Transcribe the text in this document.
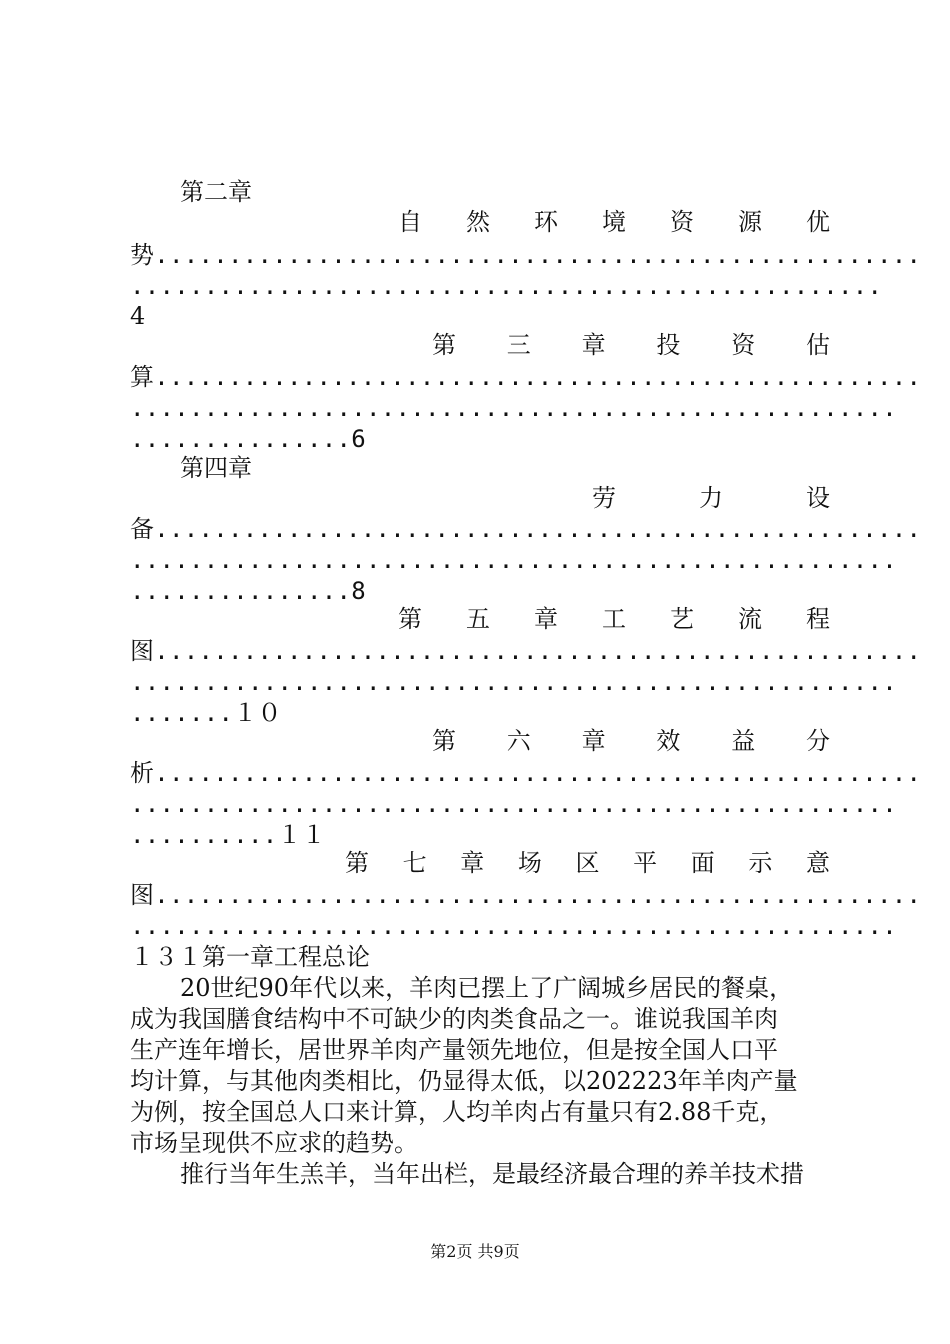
第二章
自 然 环 境 资 源 优
势....................................................
...................................................
4
第 三 章 投 资 估
算....................................................
....................................................
...............6
第四章
劳	力	设
备....................................................
....................................................
...............8
第 五 章 工 艺 流 程
图....................................................
....................................................
.......１０
第 六 章 效 益 分
析....................................................
....................................................
..........１１
第 七 章 场 区 平 面 示 意
图....................................................
....................................................
１３１第一章工程总论
20世纪90年代以来，羊肉已摆上了广阔城乡居民的餐桌，
成为我国膳食结构中不可缺少的肉类食品之一。谁说我国羊肉
生产连年增长，居世界羊肉产量领先地位，但是按全国人口平
均计算，与其他肉类相比，仍显得太低，以202223年羊肉产量
为例，按全国总人口来计算，人均羊肉占有量只有2.88千克，
市场呈现供不应求的趋势。
推行当年生羔羊，当年出栏，是最经济最合理的养羊技术措
第2页 共9页
